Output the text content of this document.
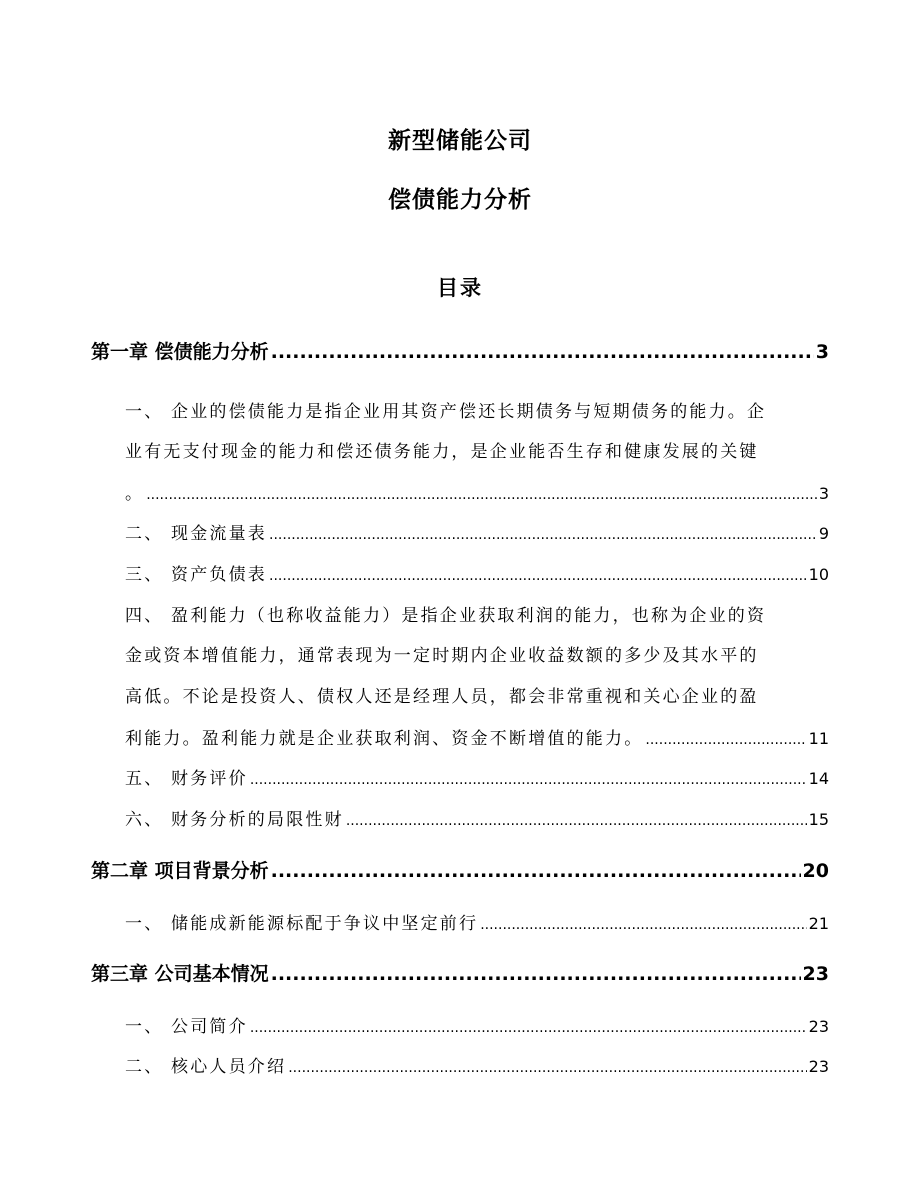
新型储能公司
偿债能力分析
目录
第一章 偿债能力分析 .....	3
一、 企业的偿债能力是指企业用其资产偿还长期债务与短期债务的能力。企
业有无支付现金的能力和偿还债务能力，是企业能否生存和健康发展的关键
。 .....	3
二、 现金流量表 .....	9
三、 资产负债表 .....	10
四、 盈利能力（也称收益能力）是指企业获取利润的能力，也称为企业的资
金或资本增值能力，通常表现为一定时期内企业收益数额的多少及其水平的
高低。不论是投资人、债权人还是经理人员，都会非常重视和关心企业的盈
利能力。盈利能力就是企业获取利润、资金不断增值的能力。 .....	11
五、 财务评价 .....	14
六、 财务分析的局限性财 .....	15
第二章 项目背景分析 .....	20
一、 储能成新能源标配于争议中坚定前行 .....	21
第三章 公司基本情况 .....	23
一、 公司简介 .....	23
二、 核心人员介绍 .....	23
